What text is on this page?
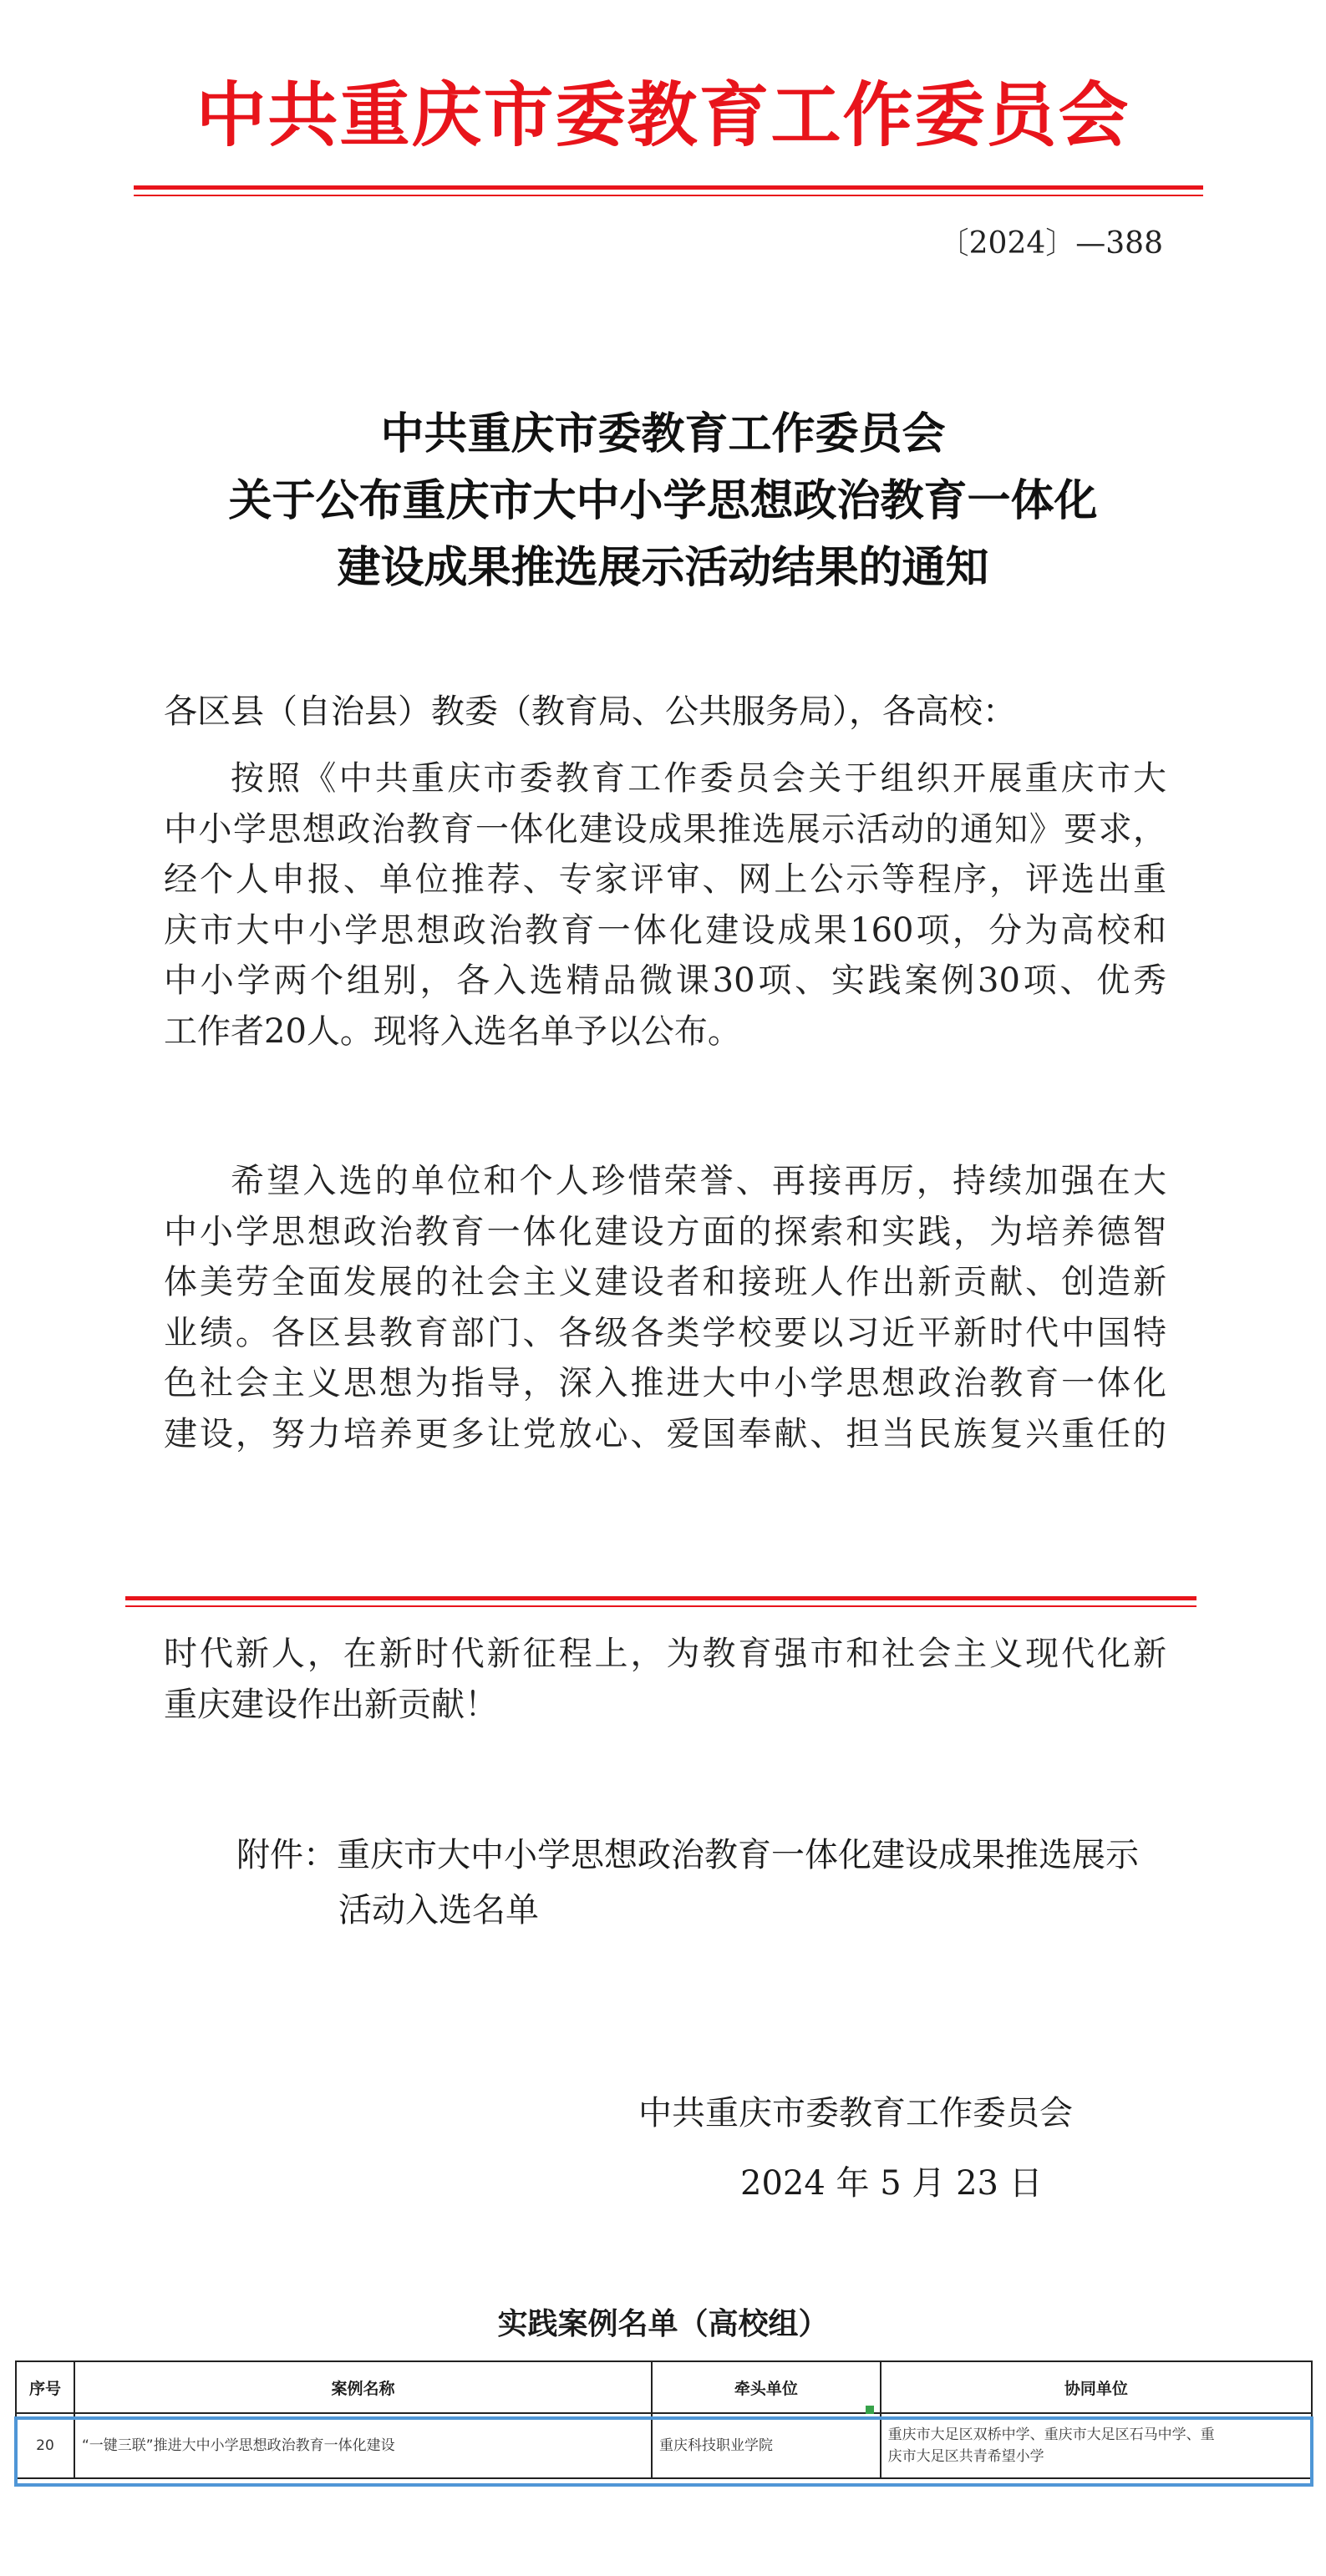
中共重庆市委教育工作委员会
〔2024〕—388
中共重庆市委教育工作委员会
关于公布重庆市大中小学思想政治教育一体化
建设成果推选展示活动结果的通知
各区县（自治县）教委（教育局、公共服务局），各高校：
按照《中共重庆市委教育工作委员会关于组织开展重庆市大
中小学思想政治教育一体化建设成果推选展示活动的通知》要求，
经个人申报、单位推荐、专家评审、网上公示等程序，评选出重
庆市大中小学思想政治教育一体化建设成果160项，分为高校和
中小学两个组别，各入选精品微课30项、实践案例30项、优秀
工作者20人。现将入选名单予以公布。
希望入选的单位和个人珍惜荣誉、再接再厉，持续加强在大
中小学思想政治教育一体化建设方面的探索和实践，为培养德智
体美劳全面发展的社会主义建设者和接班人作出新贡献、创造新
业绩。各区县教育部门、各级各类学校要以习近平新时代中国特
色社会主义思想为指导，深入推进大中小学思想政治教育一体化
建设，努力培养更多让党放心、爱国奉献、担当民族复兴重任的
时代新人，在新时代新征程上，为教育强市和社会主义现代化新
重庆建设作出新贡献！
附件：重庆市大中小学思想政治教育一体化建设成果推选展示
活动入选名单
中共重庆市委教育工作委员会
2024 年 5 月 23 日
实践案例名单（高校组）
序号	案例名称	牵头单位	协同单位
20	“一键三联”推进大中小学思想政治教育一体化建设	重庆科技职业学院	重庆市大足区双桥中学、重庆市大足区石马中学、重
庆市大足区共青希望小学
